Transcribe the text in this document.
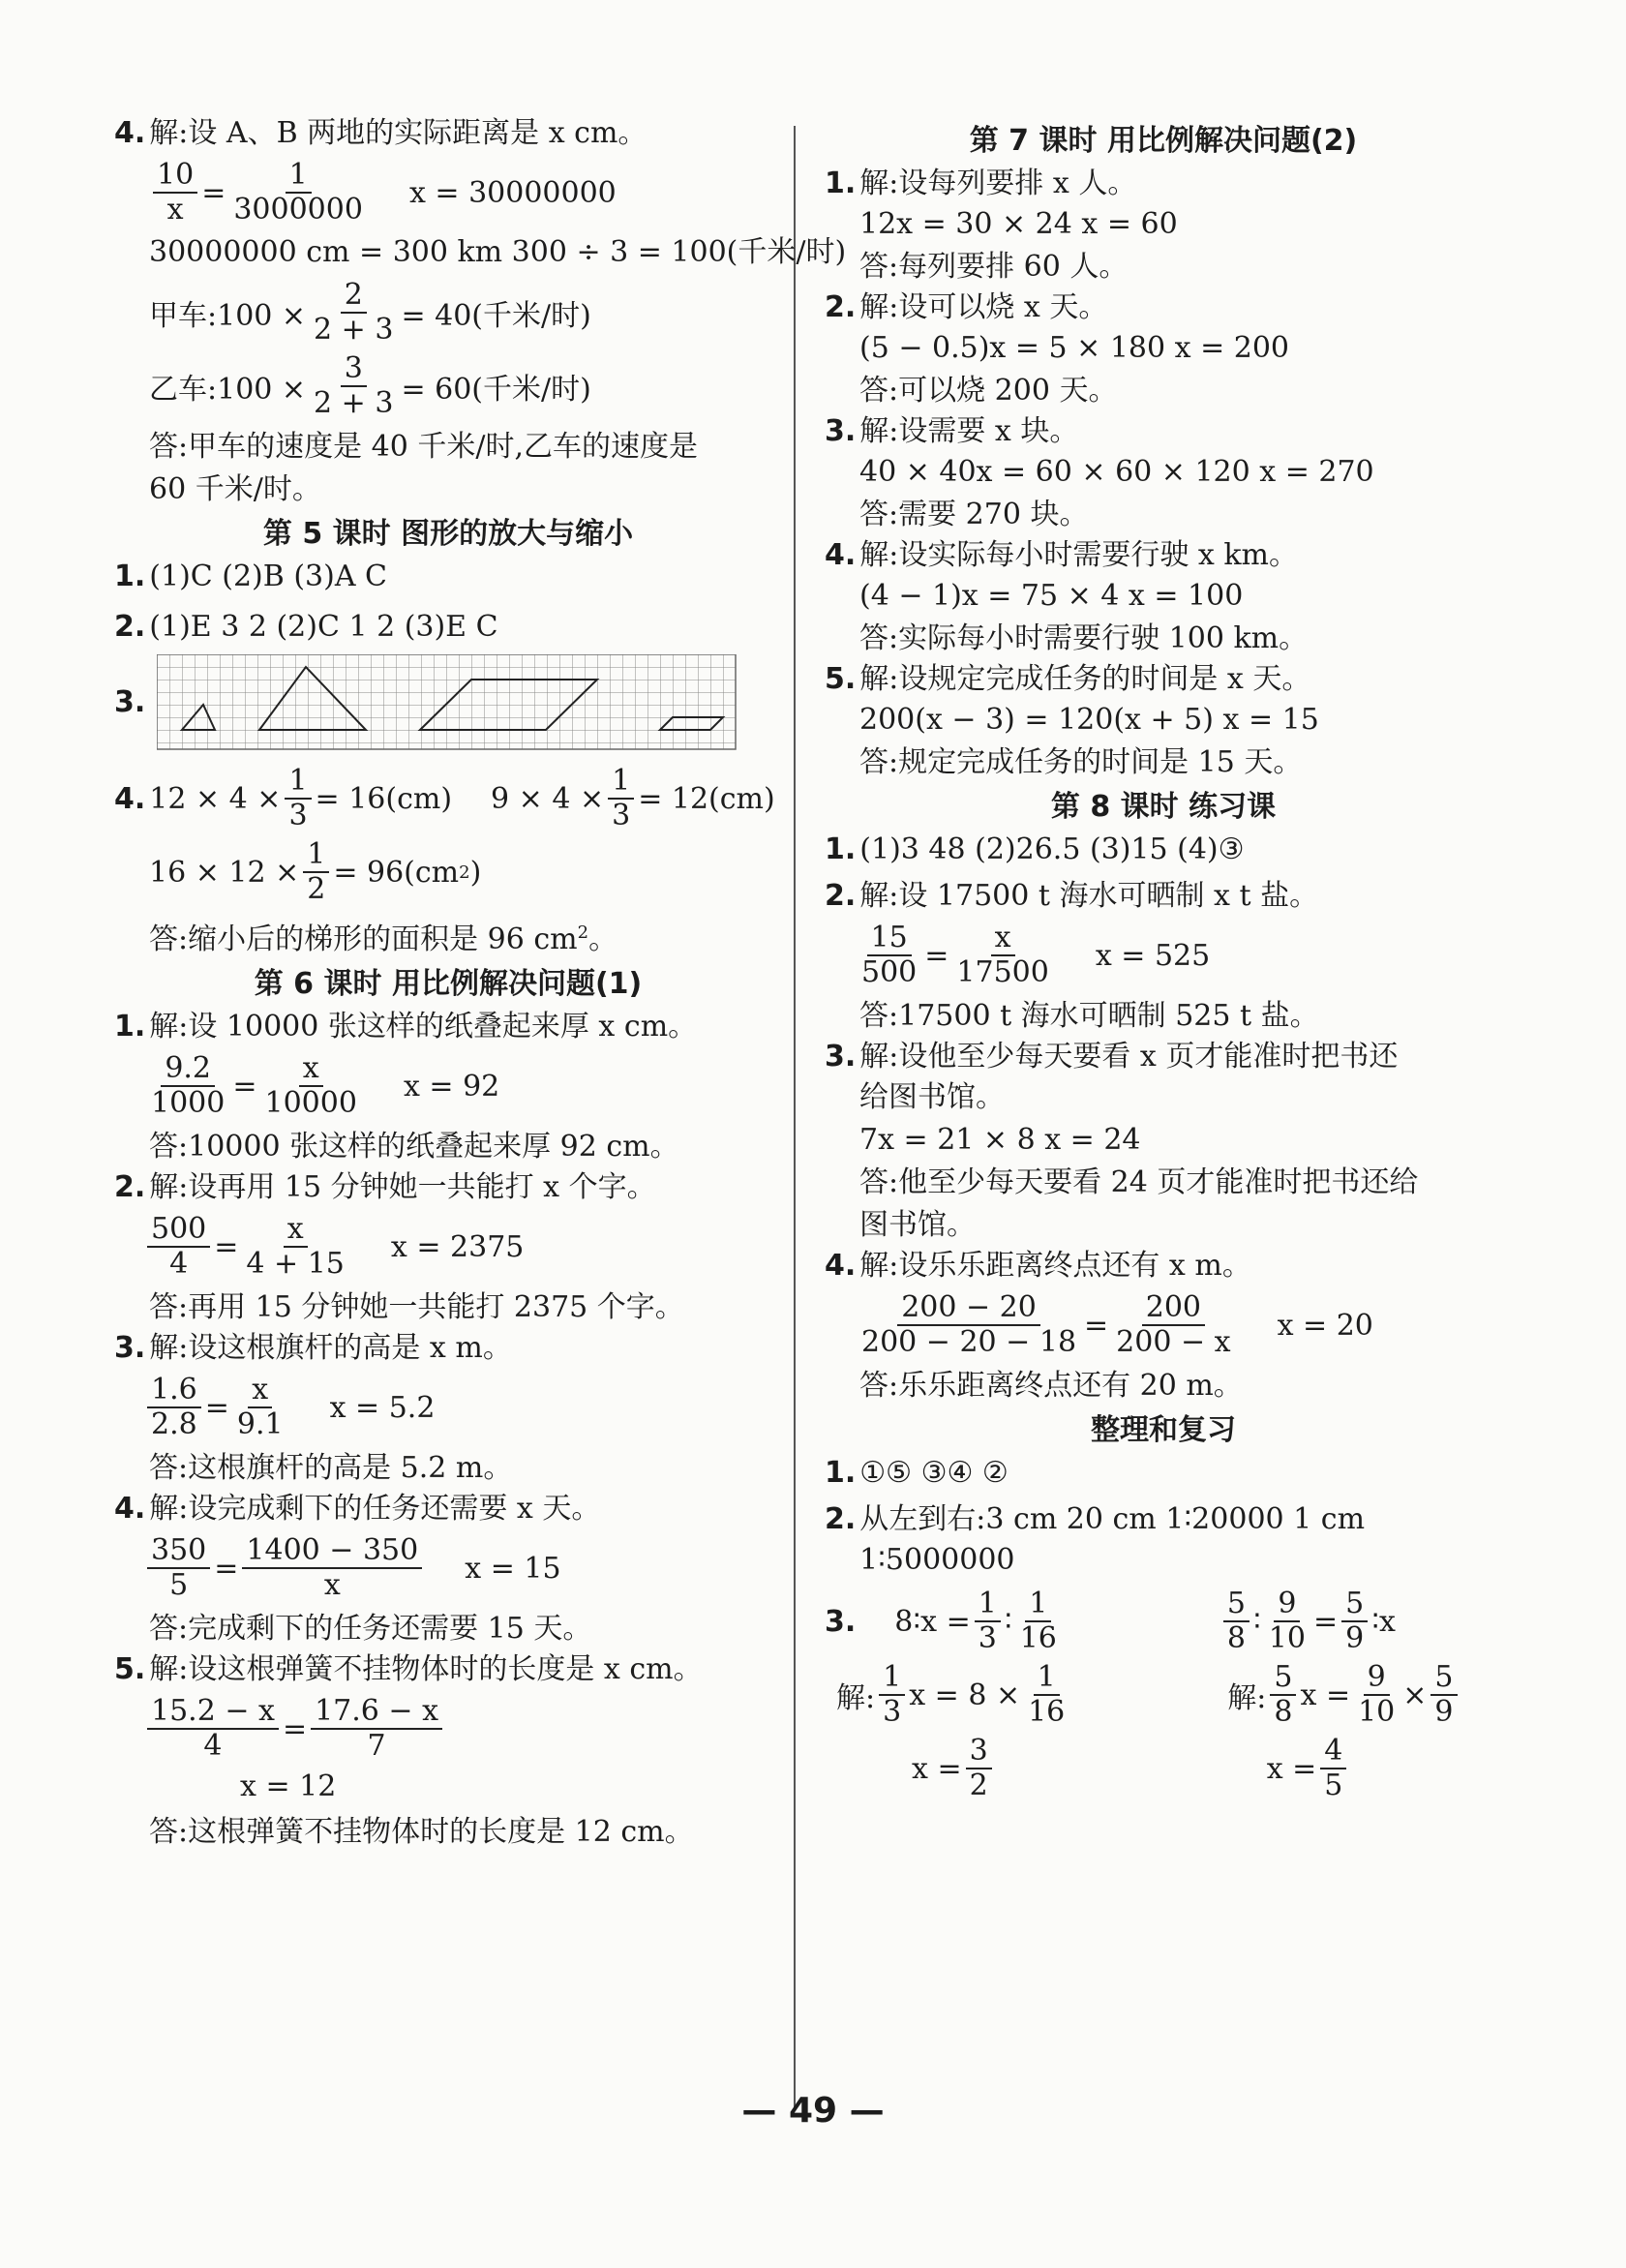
4. 解:设 A、B 两地的实际距离是 x cm。
$\frac{10}{x} = \frac{1}{3000000}$ x = 30000000
30000000 cm = 300 km 300 ÷ 3 = 100(千米/时)
甲车:100 × $\frac{2}{2 + 3} = 40$(千米/时)
乙车:100 × $\frac{3}{2 + 3} = 60$(千米/时)
答:甲车的速度是 40 千米/时,乙车的速度是
60 千米/时。
第 5 课时 图形的放大与缩小
1. (1)C (2)B (3)A C
2. (1)E 3 2 (2)C 1 2 (3)E C
3.
4. $12 \times 4 \times \frac{1}{3} = 16(cm) 9 \times 4 \times \frac{1}{3} = 12(cm)$
$16 \times 12 \times \frac{1}{2} = 96(cm$ 2 )
答:缩小后的梯形的面积是 96 $cm^2$。
第 6 课时 用比例解决问题(1)
1. 解:设 10000 张这样的纸叠起来厚 x cm。
$\frac{9.2}{1000} = \frac{x}{10000}$ x = 92
答:10000 张这样的纸叠起来厚 92 cm。
2. 解:设再用 15 分钟她一共能打 x 个字。
$\frac{500}{4} = \frac{x}{4 + 15}$ x = 2375
答:再用 15 分钟她一共能打 2375 个字。
3. 解:设这根旗杆的高是 x m。
$\frac{1.6}{2.8} = \frac{x}{9.1}$ x = 5.2
答:这根旗杆的高是 5.2 m。
4. 解:设完成剩下的任务还需要 x 天。
$\frac{350}{5} = \frac{1400 - 350}{x}$ x = 15
答:完成剩下的任务还需要 15 天。
5. 解:设这根弹簧不挂物体时的长度是 x cm。
$\frac{15.2 - x}{4} = \frac{17.6 - x}{7}$
x = 12
答:这根弹簧不挂物体时的长度是 12 cm。
第 7 课时 用比例解决问题(2)
1. 解:设每列要排 x 人。
12x = 30 × 24 x = 60
答:每列要排 60 人。
2. 解:设可以烧 x 天。
(5 − 0.5)x = 5 × 180 x = 200
答:可以烧 200 天。
3. 解:设需要 x 块。
40 × 40x = 60 × 60 × 120 x = 270
答:需要 270 块。
4. 解:设实际每小时需要行驶 x km。
(4 − 1)x = 75 × 4 x = 100
答:实际每小时需要行驶 100 km。
5. 解:设规定完成任务的时间是 x 天。
200(x − 3) = 120(x + 5) x = 15
答:规定完成任务的时间是 15 天。
第 8 课时 练习课
1. (1)3 48 (2)26.5 (3)15 (4)③
2. 解:设 17500 t 海水可晒制 x t 盐。
$\frac{15}{500} = \frac{x}{17500}$ x = 525
答:17500 t 海水可晒制 525 t 盐。
3. 解:设他至少每天要看 x 页才能准时把书还
给图书馆。
7x = 21 × 8 x = 24
答:他至少每天要看 24 页才能准时把书还给
图书馆。
4. 解:设乐乐距离终点还有 x m。
$\frac{200 - 20}{200 - 20 - 18} = \frac{200}{200 - x}$ x = 20
答:乐乐距离终点还有 20 m。
整理和复习
1. ①⑤ ③④ ②
2. 从左到右:3 cm 20 cm 1∶20000 1 cm
1∶5000000
3. 8∶x = $\frac{1}{3}$ ∶ $\frac{1}{16}$	$\frac{5}{8}$ ∶ $\frac{9}{10} = \frac{5}{9}$ ∶x
解: $\frac{1}{3}$ $x = 8 \times \frac{1}{16}$	解: $\frac{5}{8}$ $x = \frac{9}{10} \times \frac{5}{9}$
$x = \frac{3}{2}$	$x = \frac{4}{5}$
— 49 —
